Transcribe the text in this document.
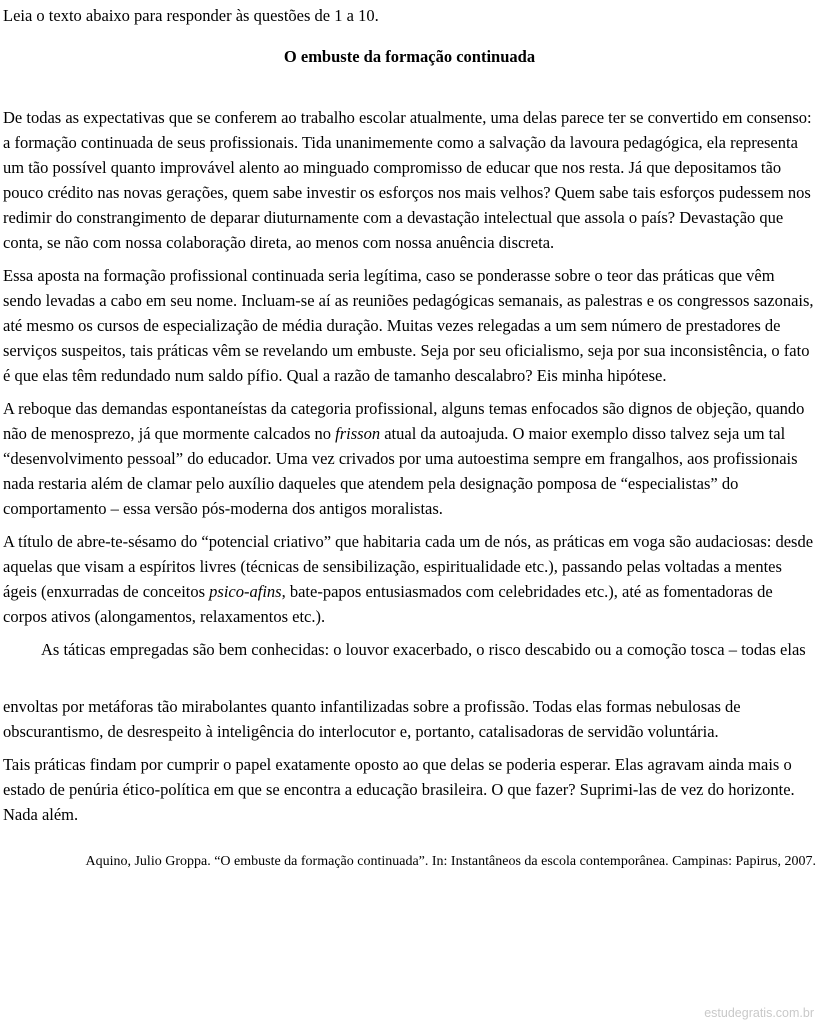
Leia o texto abaixo para responder às questões de 1 a 10.

O embuste da formação continuada

De todas as expectativas que se conferem ao trabalho escolar atualmente, uma delas parece ter se convertido em consenso: a formação continuada de seus profissionais. Tida unanimemente como a salvação da lavoura pedagógica, ela representa um tão possível quanto improvável alento ao minguado compromisso de educar que nos resta. Já que depositamos tão pouco crédito nas novas gerações, quem sabe investir os esforços nos mais velhos? Quem sabe tais esforços pudessem nos redimir do constrangimento de deparar diuturnamente com a devastação intelectual que assola o país? Devastação que conta, se não com nossa colaboração direta, ao menos com nossa anuência discreta.

Essa aposta na formação profissional continuada seria legítima, caso se ponderasse sobre o teor das práticas que vêm sendo levadas a cabo em seu nome. Incluam-se aí as reuniões pedagógicas semanais, as palestras e os congressos sazonais, até mesmo os cursos de especialização de média duração. Muitas vezes relegadas a um sem número de prestadores de serviços suspeitos, tais práticas vêm se revelando um embuste. Seja por seu oficialismo, seja por sua inconsistência, o fato é que elas têm redundado num saldo pífio. Qual a razão de tamanho descalabro? Eis minha hipótese.

A reboque das demandas espontaneístas da categoria profissional, alguns temas enfocados são dignos de objeção, quando não de menosprezo, já que mormente calcados no frisson atual da autoajuda. O maior exemplo disso talvez seja um tal “desenvolvimento pessoal” do educador. Uma vez crivados por uma autoestima sempre em frangalhos, aos profissionais nada restaria além de clamar pelo auxílio daqueles que atendem pela designação pomposa de “especialistas” do comportamento – essa versão pós-moderna dos antigos moralistas.

A título de abre-te-sésamo do “potencial criativo” que habitaria cada um de nós, as práticas em voga são audaciosas: desde aquelas que visam a espíritos livres (técnicas de sensibilização, espiritualidade etc.), passando pelas voltadas a mentes ágeis (enxurradas de conceitos psico-afins, bate-papos entusiasmados com celebridades etc.), até as fomentadoras de corpos ativos (alongamentos, relaxamentos etc.).

As táticas empregadas são bem conhecidas: o louvor exacerbado, o risco descabido ou a comoção tosca – todas elas

envoltas por metáforas tão mirabolantes quanto infantilizadas sobre a profissão. Todas elas formas nebulosas de obscurantismo, de desrespeito à inteligência do interlocutor e, portanto, catalisadoras de servidão voluntária.

Tais práticas findam por cumprir o papel exatamente oposto ao que delas se poderia esperar. Elas agravam ainda mais o estado de penúria ético-política em que se encontra a educação brasileira. O que fazer? Suprimi-las de vez do horizonte. Nada além.

Aquino, Julio Groppa. “O embuste da formação continuada”. In: Instantâneos da escola contemporânea. Campinas: Papirus, 2007.

estudegratis.com.br
